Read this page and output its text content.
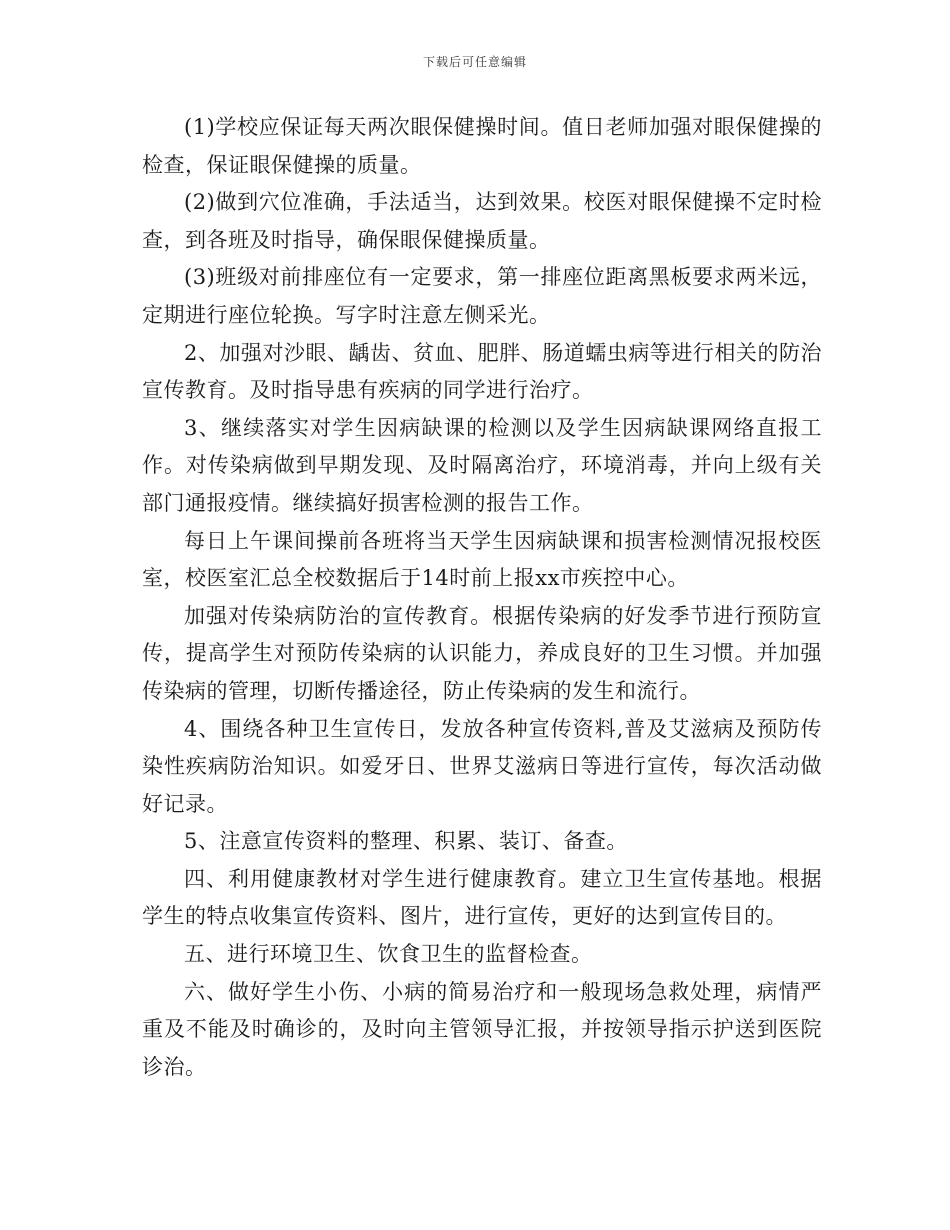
下载后可任意编辑

(1)学校应保证每天两次眼保健操时间。值日老师加强对眼保健操的检查，保证眼保健操的质量。

(2)做到穴位准确，手法适当，达到效果。校医对眼保健操不定时检查，到各班及时指导，确保眼保健操质量。

(3)班级对前排座位有一定要求，第一排座位距离黑板要求两米远，定期进行座位轮换。写字时注意左侧采光。

2、加强对沙眼、龋齿、贫血、肥胖、肠道蠕虫病等进行相关的防治宣传教育。及时指导患有疾病的同学进行治疗。

3、继续落实对学生因病缺课的检测以及学生因病缺课网络直报工作。对传染病做到早期发现、及时隔离治疗，环境消毒，并向上级有关部门通报疫情。继续搞好损害检测的报告工作。

每日上午课间操前各班将当天学生因病缺课和损害检测情况报校医室，校医室汇总全校数据后于14时前上报xx市疾控中心。

加强对传染病防治的宣传教育。根据传染病的好发季节进行预防宣传，提高学生对预防传染病的认识能力，养成良好的卫生习惯。并加强传染病的管理，切断传播途径，防止传染病的发生和流行。

4、围绕各种卫生宣传日，发放各种宣传资料,普及艾滋病及预防传染性疾病防治知识。如爱牙日、世界艾滋病日等进行宣传，每次活动做好记录。

5、注意宣传资料的整理、积累、装订、备查。

四、利用健康教材对学生进行健康教育。建立卫生宣传基地。根据学生的特点收集宣传资料、图片，进行宣传，更好的达到宣传目的。

五、进行环境卫生、饮食卫生的监督检查。

六、做好学生小伤、小病的简易治疗和一般现场急救处理，病情严重及不能及时确诊的，及时向主管领导汇报，并按领导指示护送到医院诊治。
